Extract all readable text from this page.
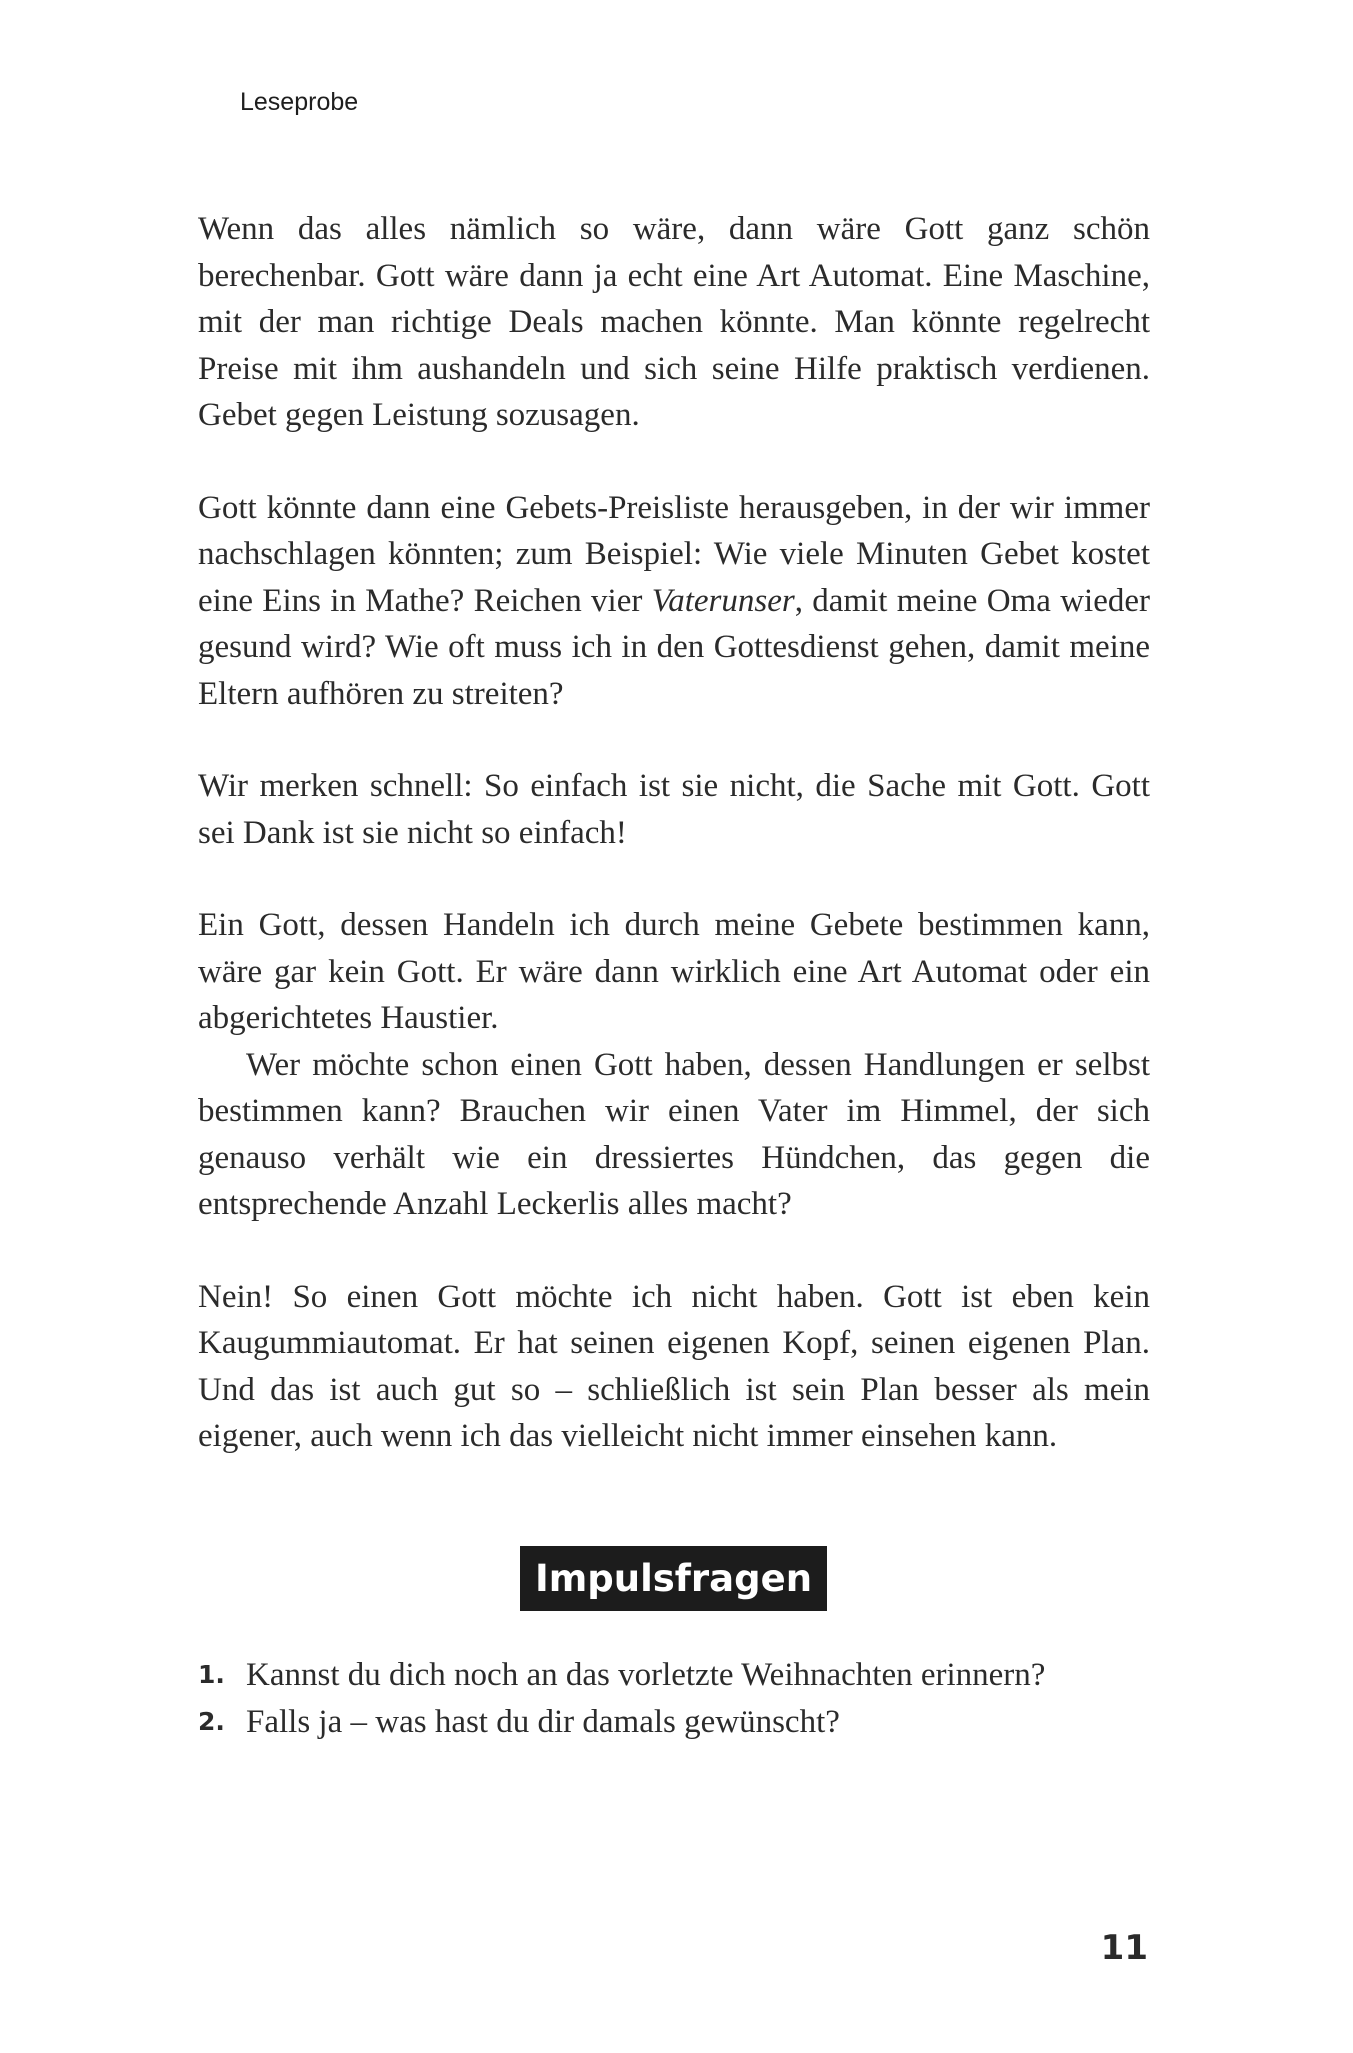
Leseprobe

Wenn das alles nämlich so wäre, dann wäre Gott ganz schön berechenbar. Gott wäre dann ja echt eine Art Automat. Eine Maschine, mit der man richtige Deals machen könnte. Man könnte regelrecht Preise mit ihm aushandeln und sich seine Hilfe praktisch verdienen. Gebet gegen Leistung sozusagen.

Gott könnte dann eine Gebets-Preisliste herausgeben, in der wir immer nachschlagen könnten; zum Beispiel: Wie viele Minuten Gebet kostet eine Eins in Mathe? Reichen vier Vaterunser, damit meine Oma wieder gesund wird? Wie oft muss ich in den Gottesdienst gehen, damit meine Eltern aufhören zu streiten?

Wir merken schnell: So einfach ist sie nicht, die Sache mit Gott. Gott sei Dank ist sie nicht so einfach!

Ein Gott, dessen Handeln ich durch meine Gebete bestimmen kann, wäre gar kein Gott. Er wäre dann wirklich eine Art Automat oder ein abgerichtetes Haustier.

Wer möchte schon einen Gott haben, dessen Handlungen er selbst bestimmen kann? Brauchen wir einen Vater im Himmel, der sich genauso verhält wie ein dressiertes Hündchen, das gegen die entsprechende Anzahl Leckerlis alles macht?

Nein! So einen Gott möchte ich nicht haben. Gott ist eben kein Kaugummiautomat. Er hat seinen eigenen Kopf, seinen eigenen Plan. Und das ist auch gut so – schließlich ist sein Plan besser als mein eigener, auch wenn ich das vielleicht nicht immer einsehen kann.

Impulsfragen
1. Kannst du dich noch an das vorletzte Weihnachten erinnern?
2. Falls ja – was hast du dir damals gewünscht?
11
